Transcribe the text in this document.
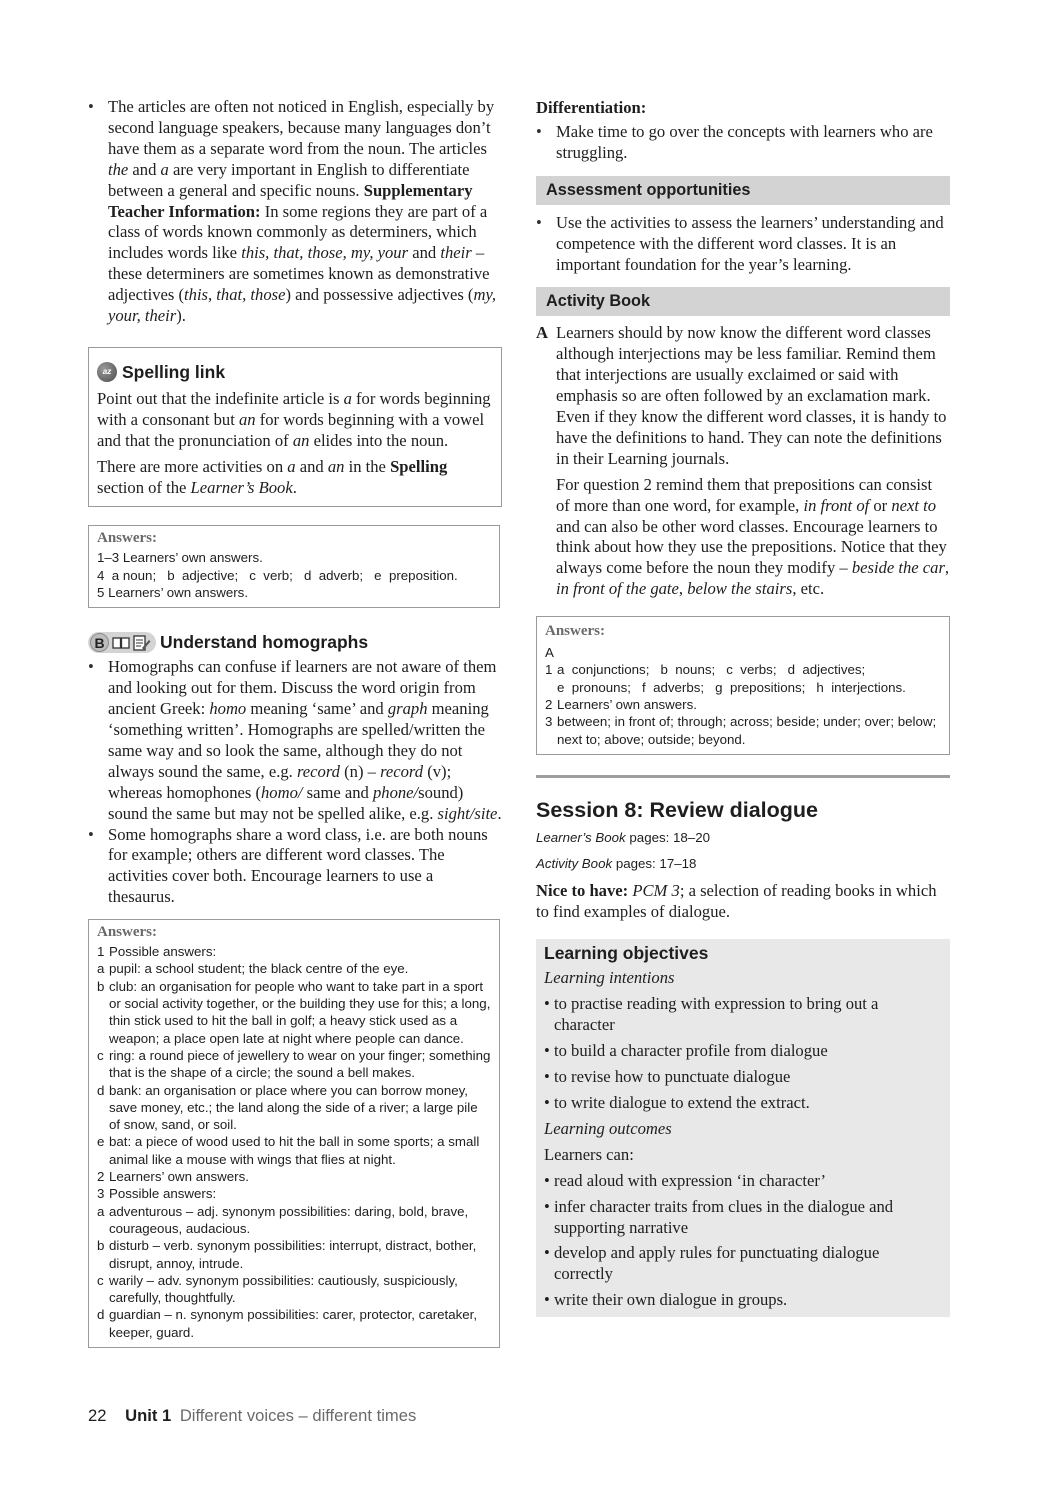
• The articles are often not noticed in English, especially by second language speakers, because many languages don’t have them as a separate word from the noun. The articles the and a are very important in English to differentiate between a general and specific nouns. Supplementary Teacher Information: In some regions they are part of a class of words known commonly as determiners, which includes words like this, that, those, my, your and their – these determiners are sometimes known as demonstrative adjectives (this, that, those) and possessive adjectives (my, your, their).
az Spelling link

Point out that the indefinite article is a for words beginning with a consonant but an for words beginning with a vowel and that the pronunciation of an elides into the noun.

There are more activities on a and an in the Spelling section of the Learner’s Book.

Answers:
1–3 Learners’ own answers.
4  a noun;   b  adjective;   c  verb;   d  adverb;   e  preposition.
5 Learners’ own answers.
B	Understand homographs
• Homographs can confuse if learners are not aware of them and looking out for them. Discuss the word origin from ancient Greek: homo meaning ‘same’ and graph meaning ‘something written’. Homographs are spelled/written the same way and so look the same, although they do not always sound the same, e.g. record (n) – record (v); whereas homophones (homo/ same and phone/sound) sound the same but may not be spelled alike, e.g. sight/site.
• Some homographs share a word class, i.e. are both nouns for example; others are different word classes. The activities cover both. Encourage learners to use a thesaurus.
Answers:
1 Possible answers:
a pupil: a school student; the black centre of the eye.
b club: an organisation for people who want to take part in a sport or social activity together, or the building they use for this; a long, thin stick used to hit the ball in golf; a heavy stick used as a weapon; a place open late at night where people can dance.
c ring: a round piece of jewellery to wear on your finger; something that is the shape of a circle; the sound a bell makes.
d bank: an organisation or place where you can borrow money, save money, etc.; the land along the side of a river; a large pile of snow, sand, or soil.
e bat: a piece of wood used to hit the ball in some sports; a small animal like a mouse with wings that flies at night.
2 Learners’ own answers.
3 Possible answers:
a adventurous – adj. synonym possibilities: daring, bold, brave, courageous, audacious.
b disturb – verb. synonym possibilities: interrupt, distract, bother, disrupt, annoy, intrude.
c warily – adv. synonym possibilities: cautiously, suspiciously, carefully, thoughtfully.
d guardian – n. synonym possibilities: carer, protector, caretaker, keeper, guard.
Differentiation:
• Make time to go over the concepts with learners who are struggling.
Assessment opportunities
• Use the activities to assess the learners’ understanding and competence with the different word classes. It is an important foundation for the year’s learning.
Activity Book
A Learners should by now know the different word classes although interjections may be less familiar. Remind them that interjections are usually exclaimed or said with emphasis so are often followed by an exclamation mark. Even if they know the different word classes, it is handy to have the definitions to hand. They can note the definitions in their Learning journals.

For question 2 remind them that prepositions can consist of more than one word, for example, in front of or next to and can also be other word classes. Encourage learners to think about how they use the prepositions. Notice that they always come before the noun they modify – beside the car, in front of the gate, below the stairs, etc.

Answers:
A
1 a  conjunctions;   b  nouns;   c  verbs;   d  adjectives;
e  pronouns;   f  adverbs;   g  prepositions;   h  interjections.
2 Learners’ own answers.
3 between; in front of; through; across; beside; under; over; below; next to; above; outside; beyond.
Session 8: Review dialogue
Learner’s Book pages: 18–20
Activity Book pages: 17–18

Nice to have: PCM 3; a selection of reading books in which to find examples of dialogue.

Learning objectives
Learning intentions
• to practise reading with expression to bring out a character
• to build a character profile from dialogue
• to revise how to punctuate dialogue
• to write dialogue to extend the extract.
Learning outcomes
Learners can:
• read aloud with expression ‘in character’
• infer character traits from clues in the dialogue and supporting narrative
• develop and apply rules for punctuating dialogue correctly
• write their own dialogue in groups.
22 Unit 1 Different voices – different times
